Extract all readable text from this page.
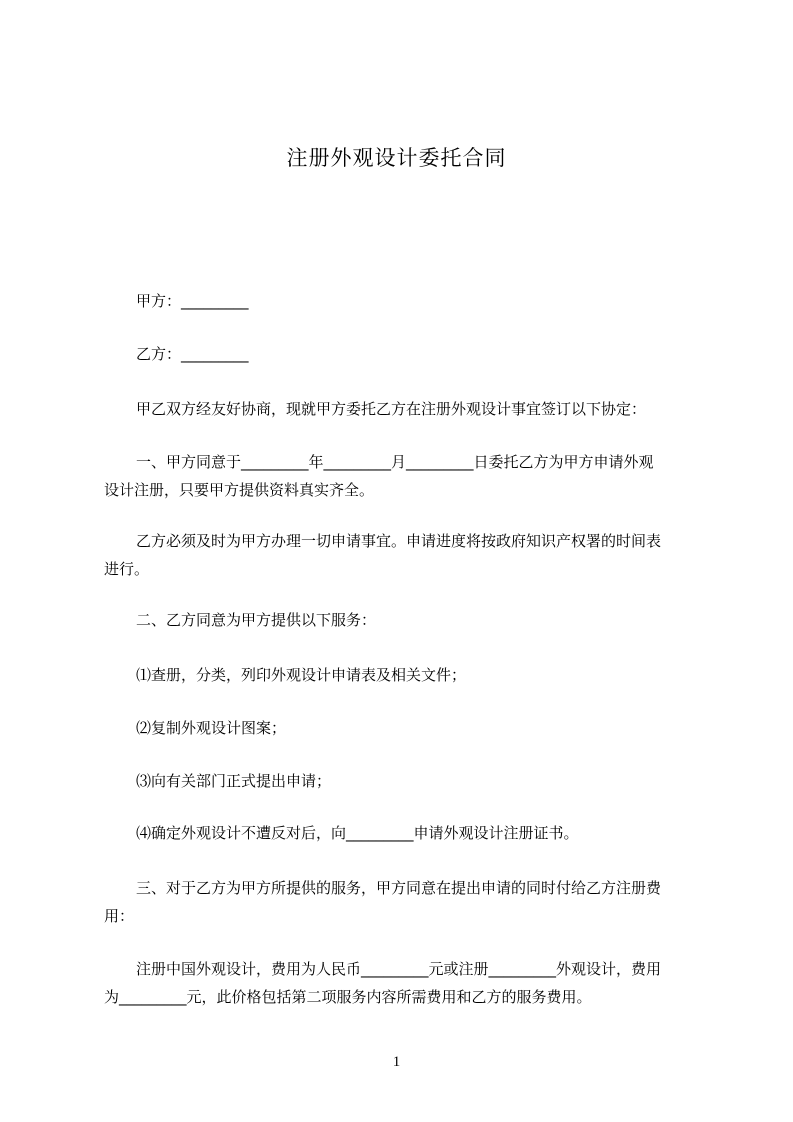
注册外观设计委托合同
甲方：_________
乙方：_________
甲乙双方经友好协商，现就甲方委托乙方在注册外观设计事宜签订以下协定：
一、甲方同意于_________年_________月_________日委托乙方为甲方申请外观
设计注册，只要甲方提供资料真实齐全。
乙方必须及时为甲方办理一切申请事宜。申请进度将按政府知识产权署的时间表
进行。
二、乙方同意为甲方提供以下服务：
⑴查册，分类，列印外观设计申请表及相关文件；
⑵复制外观设计图案；
⑶向有关部门正式提出申请；
⑷确定外观设计不遭反对后，向_________申请外观设计注册证书。
三、对于乙方为甲方所提供的服务，甲方同意在提出申请的同时付给乙方注册费
用：
注册中国外观设计，费用为人民币_________元或注册_________外观设计，费用
为_________元，此价格包括第二项服务内容所需费用和乙方的服务费用。
1
